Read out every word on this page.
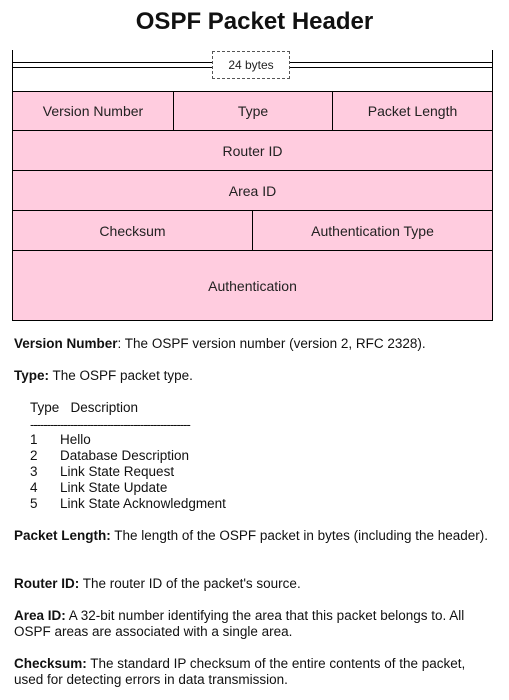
OSPF Packet Header
24 bytes
Version Number	Type	Packet Length
Router ID
Area ID
Checksum	Authentication Type
Authentication
Version Number: The OSPF version number (version 2, RFC 2328).
Type: The OSPF packet type.
Type   Description
------------------------------------------------
1	Hello
2	Database Description
3	Link State Request
4	Link State Update
5	Link State Acknowledgment
Packet Length: The length of the OSPF packet in bytes (including the header).
Router ID: The router ID of the packet's source.
Area ID: A 32-bit number identifying the area that this packet belongs to. All OSPF areas are associated with a single area.
Checksum: The standard IP checksum of the entire contents of the packet, used for detecting errors in data transmission.
